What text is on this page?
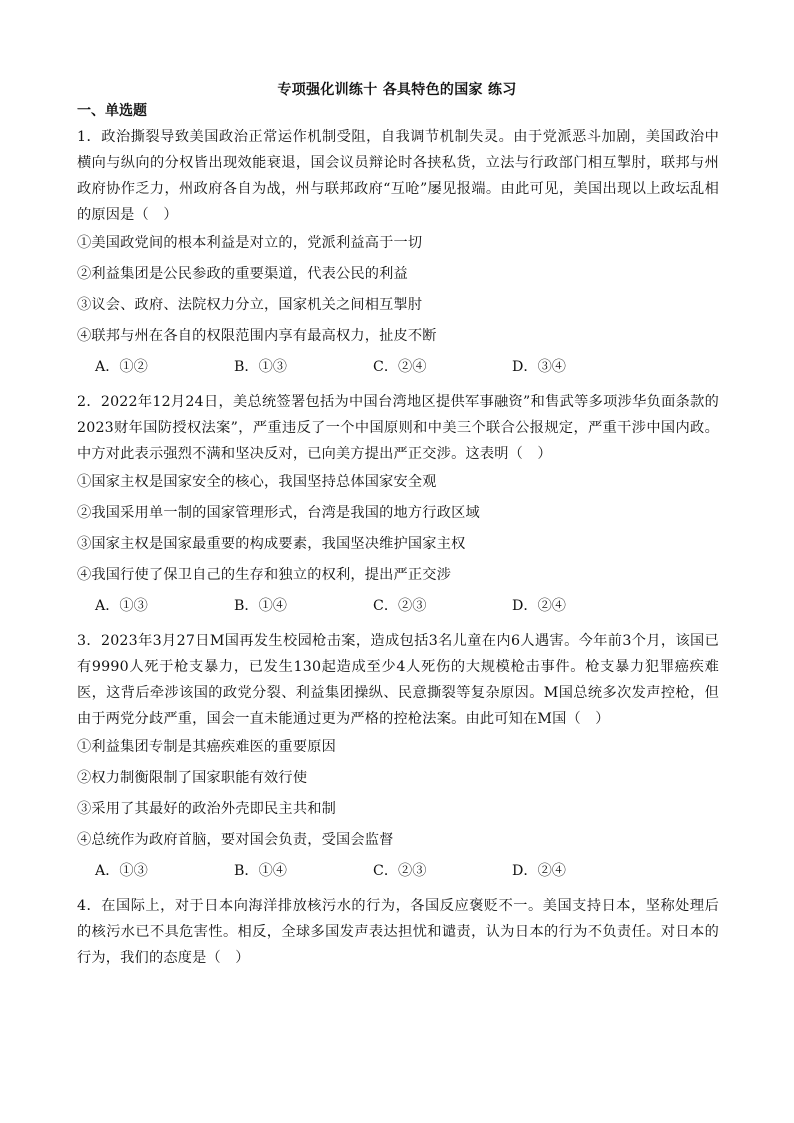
专项强化训练十 各具特色的国家 练习
一、单选题

1．政治撕裂导致美国政治正常运作机制受阻，自我调节机制失灵。由于党派恶斗加剧，美国政治中横向与纵向的分权皆出现效能衰退，国会议员辩论时各挟私货，立法与行政部门相互掣肘，联邦与州政府协作乏力，州政府各自为战，州与联邦政府“互呛”屡见报端。由此可见，美国出现以上政坛乱相的原因是（　）

①美国政党间的根本利益是对立的，党派利益高于一切

②利益集团是公民参政的重要渠道，代表公民的利益

③议会、政府、法院权力分立，国家机关之间相互掣肘

④联邦与州在各自的权限范围内享有最高权力，扯皮不断

A．①②	B．①③	C．②④	D．③④

2．2022年12月24日，美总统签署包括为中国台湾地区提供军事融资”和售武等多项涉华负面条款的2023财年国防授权法案”，严重违反了一个中国原则和中美三个联合公报规定，严重干涉中国内政。中方对此表示强烈不满和坚决反对，已向美方提出严正交涉。这表明（　）

①国家主权是国家安全的核心，我国坚持总体国家安全观

②我国采用单一制的国家管理形式，台湾是我国的地方行政区域

③国家主权是国家最重要的构成要素，我国坚决维护国家主权

④我国行使了保卫自己的生存和独立的权利，提出严正交涉

A．①③	B．①④	C．②③	D．②④

3．2023年3月27日M国再发生校园枪击案，造成包括3名儿童在内6人遇害。今年前3个月，该国已有9990人死于枪支暴力，已发生130起造成至少4人死伤的大规模枪击事件。枪支暴力犯罪癌疾难医，这背后牵涉该国的政党分裂、利益集团操纵、民意撕裂等复杂原因。M国总统多次发声控枪，但由于两党分歧严重，国会一直未能通过更为严格的控枪法案。由此可知在M国（　）

①利益集团专制是其癌疾难医的重要原因

②权力制衡限制了国家职能有效行使

③采用了其最好的政治外壳即民主共和制

④总统作为政府首脑，要对国会负责，受国会监督

A．①③	B．①④	C．②③	D．②④

4．在国际上，对于日本向海洋排放核污水的行为，各国反应褒贬不一。美国支持日本，坚称处理后的核污水已不具危害性。相反，全球多国发声表达担忧和谴责，认为日本的行为不负责任。对日本的行为，我们的态度是（　）
